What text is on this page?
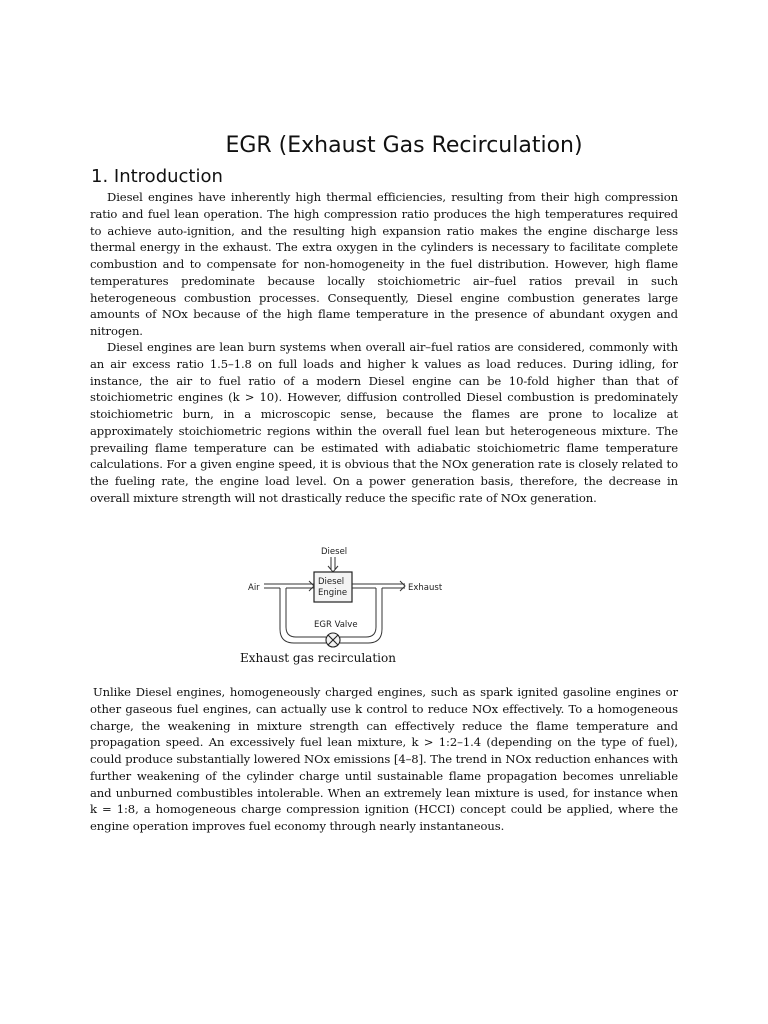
EGR (Exhaust Gas Recirculation)
1. Introduction

Diesel engines have inherently high thermal efficiencies, resulting from their high compression ratio and fuel lean operation. The high compression ratio produces the high temperatures required to achieve auto-ignition, and the resulting high expansion ratio makes the engine discharge less thermal energy in the exhaust. The extra oxygen in the cylinders is necessary to facilitate complete combustion and to compensate for non-homogeneity in the fuel distribution. However, high flame temperatures predominate because locally stoichiometric air–fuel ratios prevail in such heterogeneous combustion processes. Consequently, Diesel engine combustion generates large amounts of NOx because of the high flame temperature in the presence of abundant oxygen and nitrogen.

Diesel engines are lean burn systems when overall air–fuel ratios are considered, commonly with an air excess ratio 1.5–1.8 on full loads and higher k values as load reduces. During idling, for instance, the air to fuel ratio of a modern Diesel engine can be 10-fold higher than that of stoichiometric engines (k > 10). However, diffusion controlled Diesel combustion is predominately stoichiometric burn, in a microscopic sense, because the flames are prone to localize at approximately stoichiometric regions within the overall fuel lean but heterogeneous mixture. The prevailing flame temperature can be estimated with adiabatic stoichiometric flame temperature calculations. For a given engine speed, it is obvious that the NOx generation rate is closely related to the fueling rate, the engine load level. On a power generation basis, therefore, the decrease in overall mixture strength will not drastically reduce the specific rate of NOx generation.

Diesel
Diesel
Engine
Air	Exhaust
EGR Valve
Exhaust gas recirculation

Unlike Diesel engines, homogeneously charged engines, such as spark ignited gasoline engines or other gaseous fuel engines, can actually use k control to reduce NOx effectively. To a homogeneous charge, the weakening in mixture strength can effectively reduce the flame temperature and propagation speed. An excessively fuel lean mixture, k > 1:2–1.4 (depending on the type of fuel), could produce substantially lowered NOx emissions [4–8]. The trend in NOx reduction enhances with further weakening of the cylinder charge until sustainable flame propagation becomes unreliable and unburned combustibles intolerable. When an extremely lean mixture is used, for instance when k = 1:8, a homogeneous charge compression ignition (HCCI) concept could be applied, where the engine operation improves fuel economy through nearly instantaneous.
